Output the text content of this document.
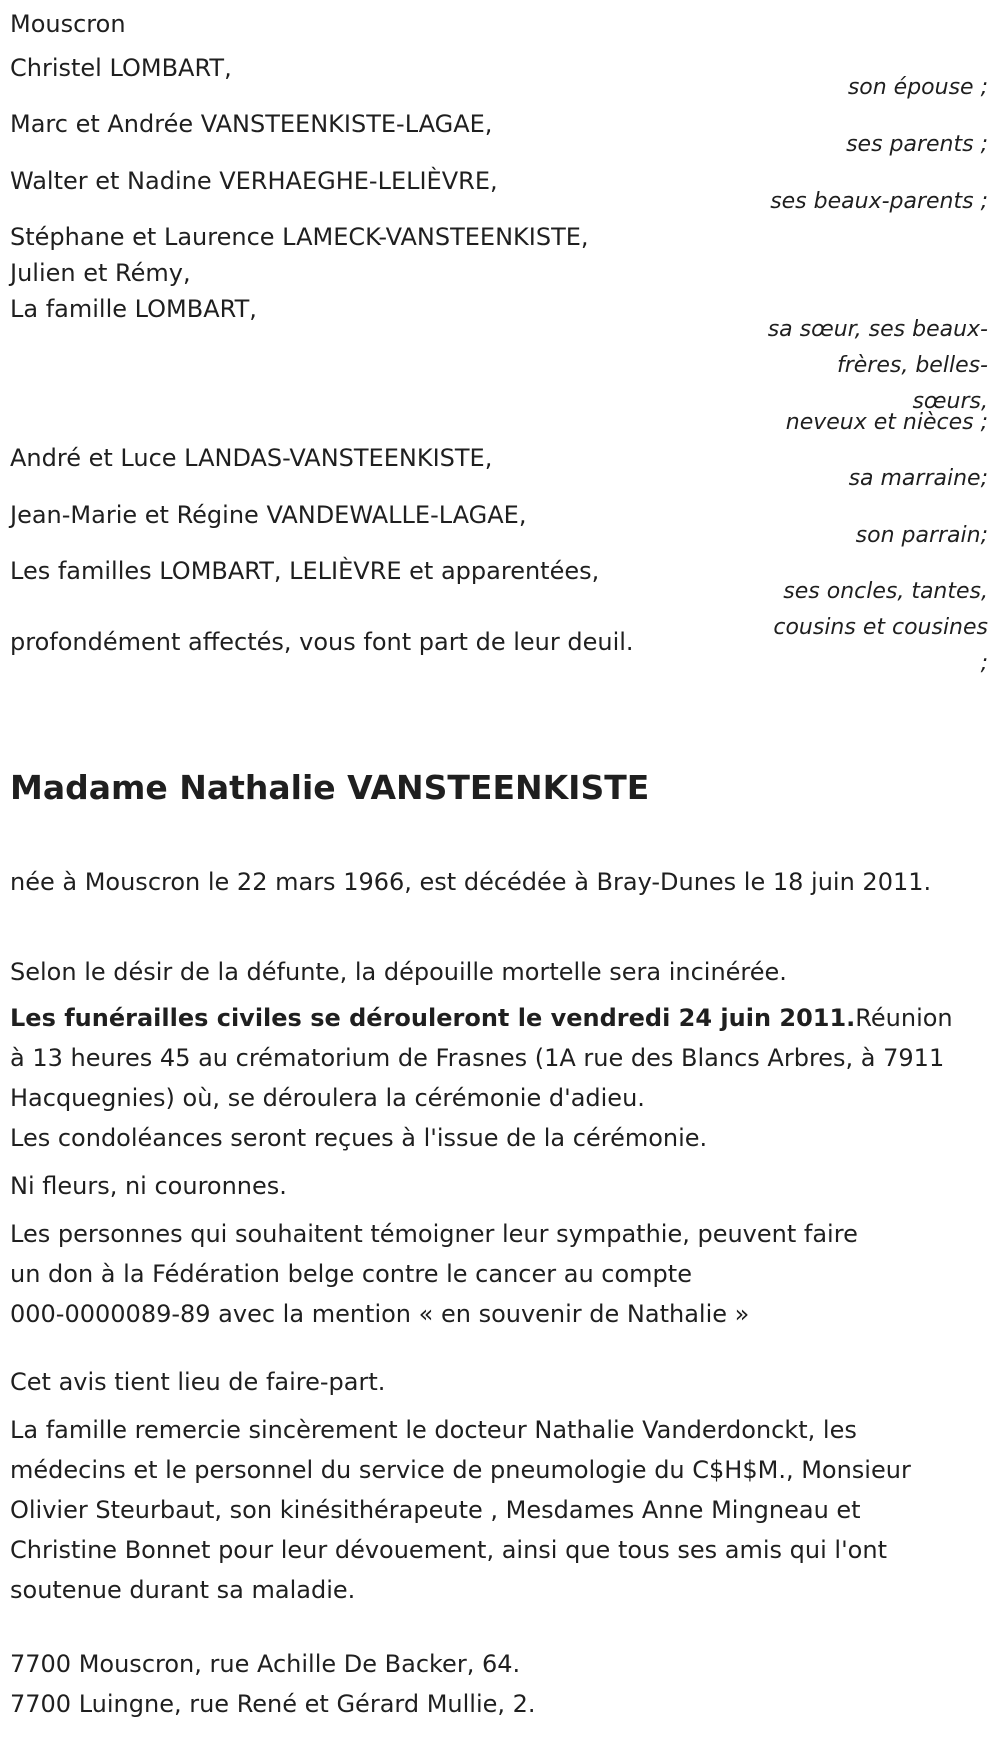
Mouscron
Christel LOMBART,
son épouse ;
Marc et Andrée VANSTEENKISTE-LAGAE,
ses parents ;
Walter et Nadine VERHAEGHE-LELIÈVRE,
ses beaux-parents ;
Stéphane et Laurence LAMECK-VANSTEENKISTE,
Julien et Rémy,
La famille LOMBART,
sa sœur, ses beaux-
frères, belles-
sœurs,
neveux et nièces ;
André et Luce LANDAS-VANSTEENKISTE,
sa marraine;
Jean-Marie et Régine VANDEWALLE-LAGAE,
son parrain;
Les familles LOMBART, LELIÈVRE et apparentées,
ses oncles, tantes,
cousins et cousines
;
profondément affectés, vous font part de leur deuil.
Madame Nathalie VANSTEENKISTE

née à Mouscron le 22 mars 1966, est décédée à Bray-Dunes le 18 juin 2011.

Selon le désir de la défunte, la dépouille mortelle sera incinérée.

Les funérailles civiles se dérouleront le vendredi 24 juin 2011.Réunion à 13 heures 45 au crématorium de Frasnes (1A rue des Blancs Arbres, à 7911 Hacquegnies) où, se déroulera la cérémonie d'adieu.

Les condoléances seront reçues à l'issue de la cérémonie.

Ni fleurs, ni couronnes.

Les personnes qui souhaitent témoigner leur sympathie, peuvent faire

un don à la Fédération belge contre le cancer au compte

000-0000089-89 avec la mention « en souvenir de Nathalie »

Cet avis tient lieu de faire-part.

La famille remercie sincèrement le docteur Nathalie Vanderdonckt, les médecins et le personnel du service de pneumologie du C$H$M., Monsieur Olivier Steurbaut, son kinésithérapeute , Mesdames Anne Mingneau et Christine Bonnet pour leur dévouement, ainsi que tous ses amis qui l'ont soutenue durant sa maladie.

7700 Mouscron, rue Achille De Backer, 64.
7700 Luingne, rue René et Gérard Mullie, 2.
